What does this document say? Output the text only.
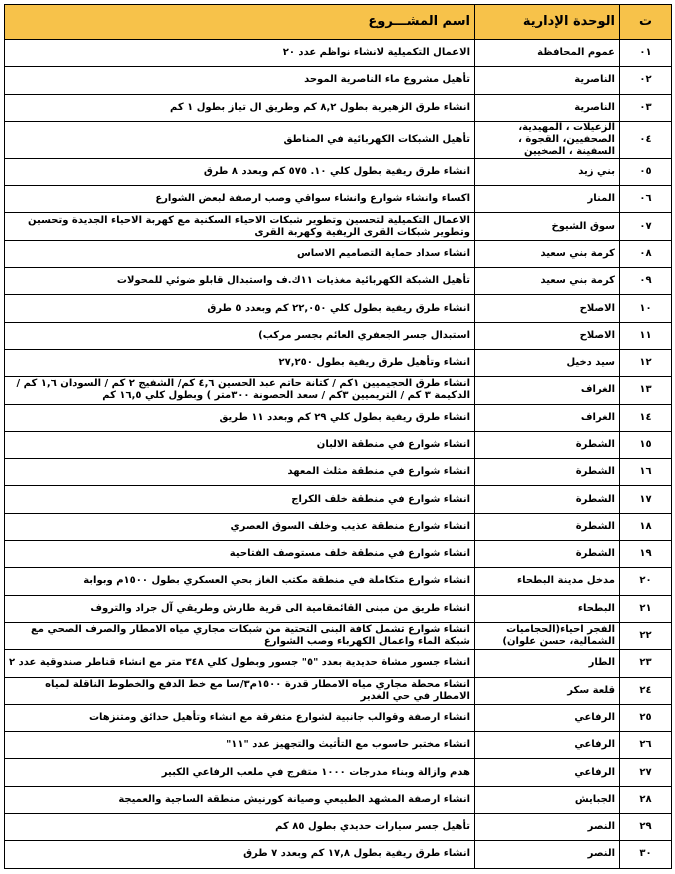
ت	الوحدة الإدارية	اسم المشـــروع
٠١	عموم المحافظة	الاعمال التكميلية لانشاء نواظم عدد ٢٠
٠٢	الناصرية	تأهيل مشروع ماء الناصرية الموحد
٠٣	الناصرية	انشاء طرق الزهيرية بطول ٨,٢ كم وطريق ال تياز بطول ١ كم
٠٤	الزعيلات ، المهيدية، الصحفيين، القجوة ، السفينة ، الصخيين	تأهيل الشبكات الكهربائية في المناطق
٠٥	بني زيد	انشاء طرق ريفية بطول كلي ١٠. ٥٧٥ كم وبعدد ٨ طرق
٠٦	المنار	اكساء وانشاء شوارع وانشاء سواقي وصب ارصفة لبعض الشوارع
٠٧	سوق الشيوخ	الاعمال التكميلية لتحسين وتطوير شبكات الاحياء السكنية مع كهربة الاحياء الجديدة وتحسين وتطوير شبكات القرى الريفية وكهربة القرى
٠٨	كرمة بني سعيد	انشاء سداد حماية التصاميم الاساس
٠٩	كرمة بني سعيد	تأهيل الشبكة الكهربائية مغذيات ١١ك.ف واستبدال قابلو ضوئي للمحولات
١٠	الاصلاح	انشاء طرق ريفية بطول كلي ٢٢,٠٥٠ كم وبعدد ٥ طرق
١١	الاصلاح	استبدال جسر الجعفري العائم بجسر مركب)
١٢	سيد دخيل	انشاء وتأهيل طرق ريفية بطول ٢٧,٢٥٠
١٣	الغراف	انشاء طرق الحجيميين ١كم / كتانة حاتم عبد الحسين ٤,٦ كم/ الشفيج ٢ كم / السودان ١,٦ كم / الدكيمة ٣ كم / التريميين ٣كم / سعد الحصونة ٣٠٠متر ) وبطول كلي ١٦,٥ كم
١٤	الغراف	انشاء طرق ريفية بطول كلي ٢٩ كم وبعدد ١١ طريق
١٥	الشطرة	انشاء شوارع في منطقة الالبان
١٦	الشطرة	انشاء شوارع في منطقة مثلث المعهد
١٧	الشطرة	انشاء شوارع في منطقة خلف الكراج
١٨	الشطرة	انشاء شوارع منطقة عذيب وخلف السوق العصري
١٩	الشطرة	انشاء شوارع في منطقة خلف مستوصف الفتاحية
٢٠	مدخل مدينة البطحاء	انشاء شوارع متكاملة في منطقة مكتب الغاز بحي العسكري بطول ١٥٠٠م وبوابة
٢١	البطحاء	انشاء طريق من مبنى القائمقامية الى قرية طارش وطريقي آل جراد والتروف
٢٢	الفجر احياء(الحجاميات الشمالية، حسن علوان)	انشاء شوارع تشمل كافة البنى التحتية من شبكات مجاري مياه الامطار والصرف الصحي مع شبكة الماء واعمال الكهرباء وصب الشوارع
٢٣	الطار	انشاء جسور مشاة حديدية بعدد "٥" جسور وبطول كلي ٣٤٨ متر مع انشاء قناطر صندوقية عدد ٢
٢٤	قلعة سكر	انشاء محطة مجاري مياه الامطار قدرة ١٥٠٠م٣/سا مع خط الدفع والخطوط الناقلة لمياه الامطار في حي الغدير
٢٥	الرفاعي	انشاء ارصفة وقوالب جانبية لشوارع متفرقة مع انشاء وتأهيل حدائق ومتنزهات
٢٦	الرفاعي	انشاء مختبر حاسوب مع التأثيث والتجهيز عدد "١١"
٢٧	الرفاعي	هدم وازالة وبناء مدرجات ١٠٠٠ متفرج في ملعب الرفاعي الكبير
٢٨	الجبايش	انشاء ارصفة المشهد الطبيعي وصيانة كورنيش منطقة الساجية والعميجة
٢٩	النصر	تأهيل جسر سيارات حديدي بطول ٨٥ كم
٣٠	النصر	انشاء طرق ريفية بطول ١٧,٨ كم وبعدد ٧ طرق
